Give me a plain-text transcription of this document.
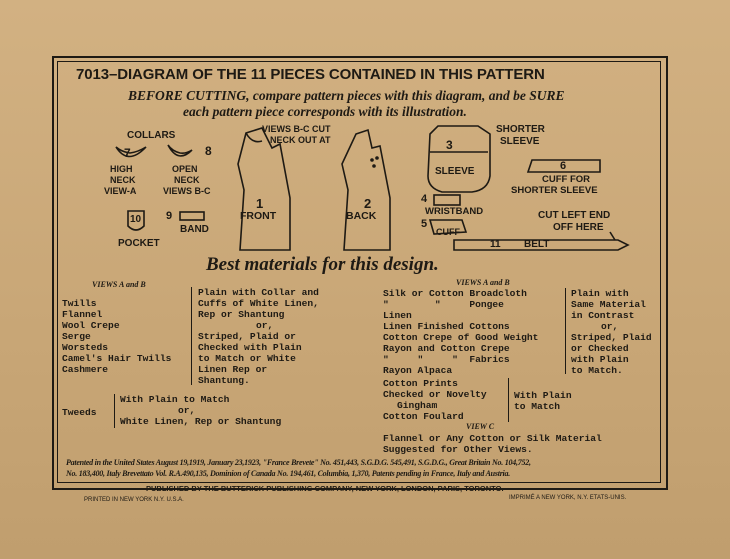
7013–DIAGRAM OF THE 11 PIECES CONTAINED IN THIS PATTERN
BEFORE CUTTING, compare pattern pieces with this diagram, and be SURE
each pattern piece corresponds with its illustration.
COLLARS
7
HIGH
NECK
VIEW-A
8
OPEN
NECK
VIEWS B-C
VIEWS B-C CUT
NECK OUT AT
1
FRONT
2
BACK
SHORTER
SLEEVE
3
SLEEVE
4
WRISTBAND
5
CUFF
6
CUFF FOR
SHORTER SLEEVE
10
POCKET
9
BAND
CUT LEFT END
OFF HERE
11 BELT
Best materials for this design.
VIEWS A and B
Twills
Flannel
Wool Crepe
Serge
Worsteds
Camel's Hair Twills
Cashmere
Plain with Collar and
Cuffs of White Linen,
Rep or Shantung
or,
Striped, Plaid or
Checked with Plain
to Match or White
Linen Rep or
Shantung.
Tweeds
With Plain to Match
or,
White Linen, Rep or Shantung
VIEWS A and B
Silk or Cotton Broadcloth
"        "     Pongee
Linen
Linen Finished Cottons
Cotton Crepe of Good Weight
Rayon and Cotton Crepe
"     "     "  Fabrics
Rayon Alpaca
Plain with
Same Material
in Contrast
or,
Striped, Plaid
or Checked
with Plain
to Match.
Cotton Prints
Checked or Novelty
Gingham
Cotton Foulard
With Plain
to Match
VIEW C
Flannel or Any Cotton or Silk Material
Suggested for Other Views.
Patented in the United States August 19,1919, January 23,1923, "France Brevete" No. 451,443, S.G.D.G. 545,491, S.G.D.G., Great Britain No. 104,752,
No. 183,400, Italy Brevettato Vol. R.A.490,135, Dominion of Canada No. 194,461, Columbia, 1,370, Patents pending in France, Italy and Austria.
PUBLISHED BY THE BUTTERICK PUBLISHING COMPANY, NEW YORK, LONDON, PARIS, TORONTO.
PRINTED IN NEW YORK N.Y. U.S.A.	IMPRIMÉ A NEW YORK, N.Y. ETATS-UNIS.
